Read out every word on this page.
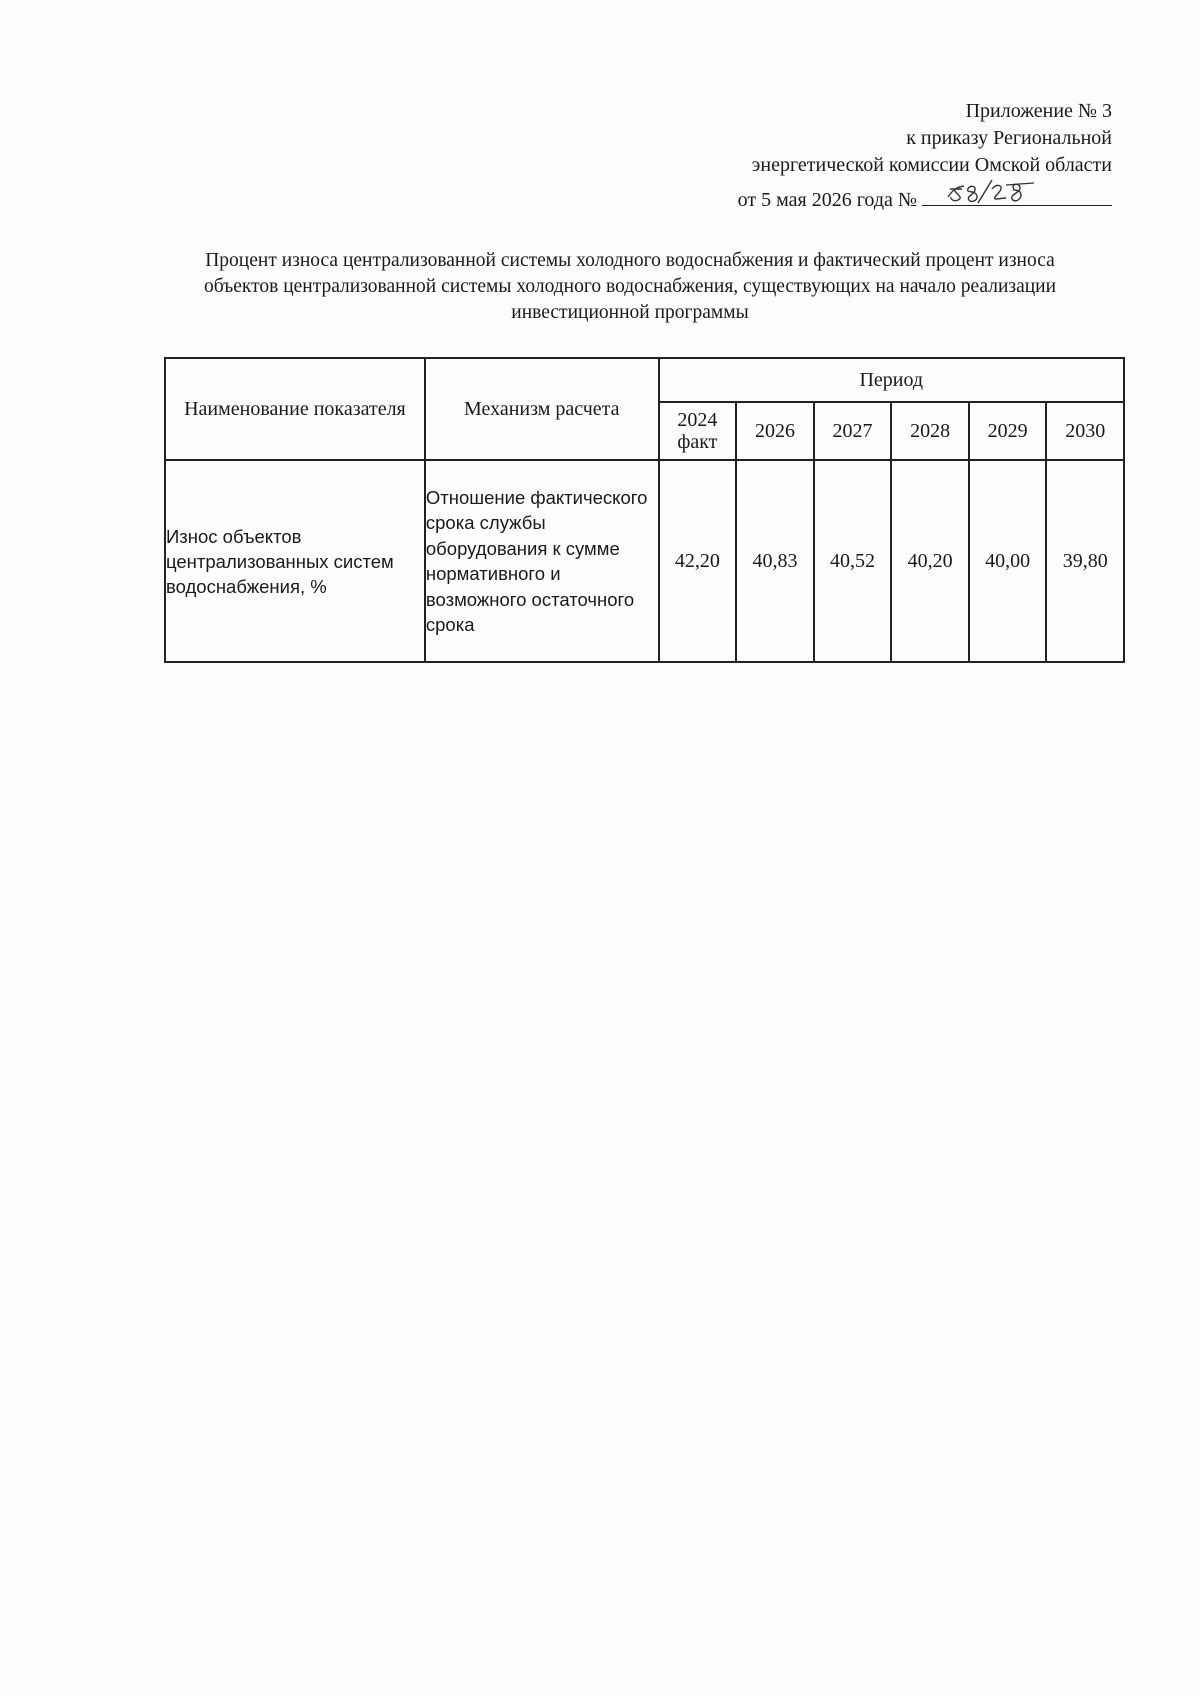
Приложение № 3
к приказу Региональной
энергетической комиссии Омской области
от 5 мая 2026 года №
Процент износа централизованной системы холодного водоснабжения и фактический процент износа
объектов централизованной системы холодного водоснабжения, существующих на начало реализации
инвестиционной программы
Наименование показателя	Механизм расчета	Период					
		2024 факт	2026	2027	2028	2029	2030
Износ объектов централизованных систем водоснабжения, %	Отношение фактического срока службы оборудования к сумме нормативного и возможного остаточного срока	42,20	40,83	40,52	40,20	40,00	39,80
